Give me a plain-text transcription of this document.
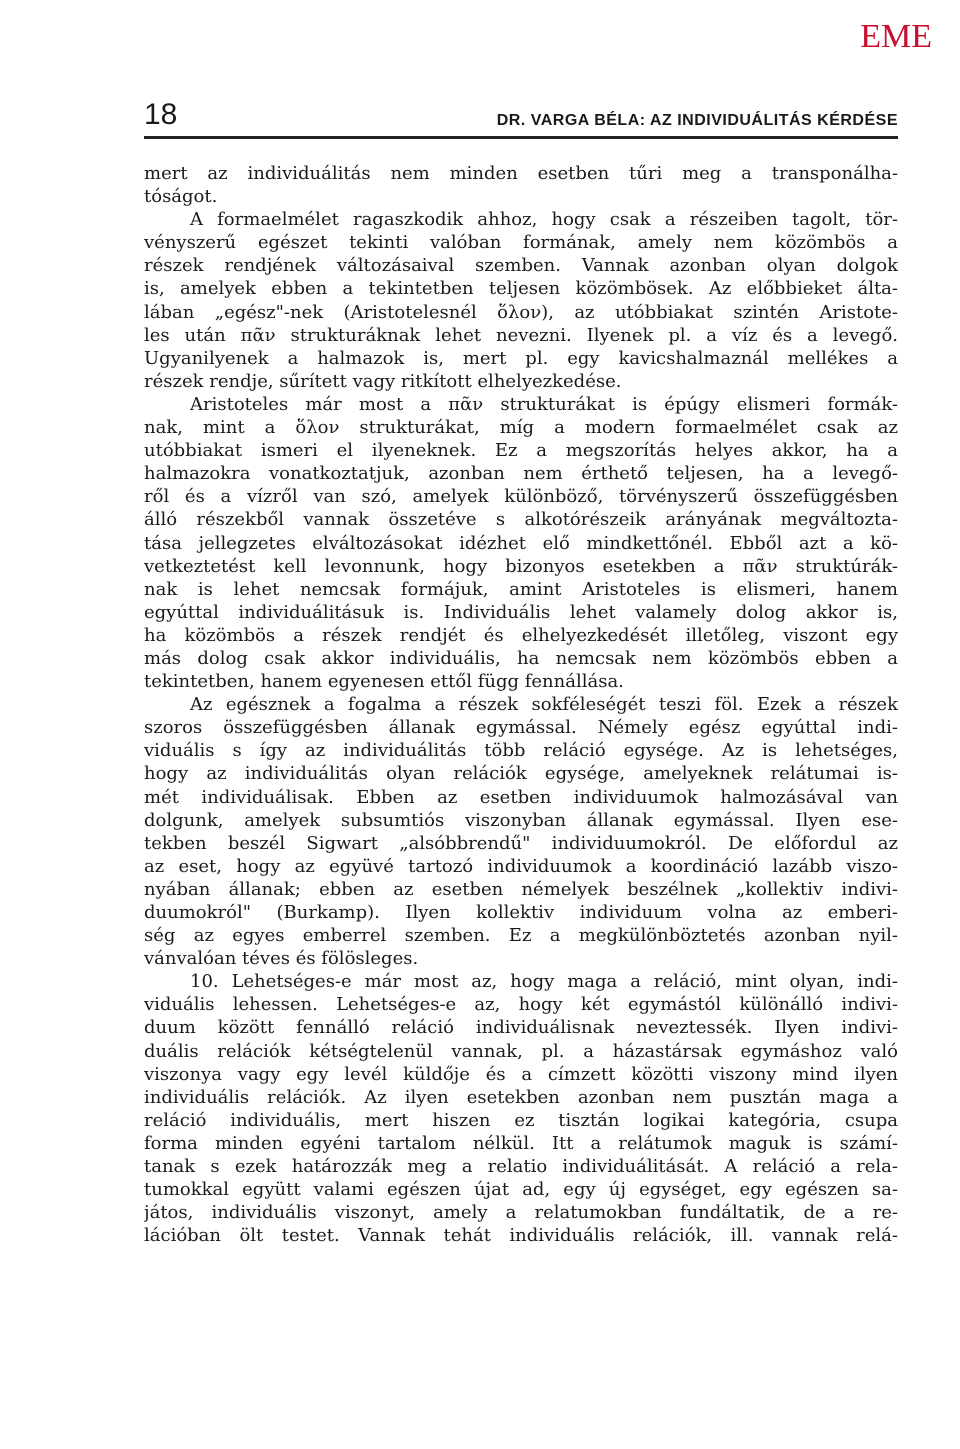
EME
18	DR. VARGA BÉLA: AZ INDIVIDUÁLITÁS KÉRDÉSE
mert az individuálitás nem minden esetben tűri meg a transponálha-
tóságot.
A formaelmélet ragaszkodik ahhoz, hogy csak a részeiben tagolt, tör-
vényszerű egészet tekinti valóban formának, amely nem közömbös a
részek rendjének változásaival szemben. Vannak azonban olyan dolgok
is, amelyek ebben a tekintetben teljesen közömbösek. Az előbbieket álta-
lában „egész"-nek (Aristotelesnél ὅλον), az utóbbiakat szintén Aristote-
les után πᾶν strukturáknak lehet nevezni. Ilyenek pl. a víz és a levegő.
Ugyanilyenek a halmazok is, mert pl. egy kavicshalmaznál mellékes a
részek rendje, sűrített vagy ritkított elhelyezkedése.
Aristoteles már most a πᾶν strukturákat is épúgy elismeri formák-
nak, mint a ὅλον strukturákat, míg a modern formaelmélet csak az
utóbbiakat ismeri el ilyeneknek. Ez a megszorítás helyes akkor, ha a
halmazokra vonatkoztatjuk, azonban nem érthető teljesen, ha a levegő-
ről és a vízről van szó, amelyek különböző, törvényszerű összefüggésben
álló részekből vannak összetéve s alkotórészeik arányának megváltozta-
tása jellegzetes elváltozásokat idézhet elő mindkettőnél. Ebből azt a kö-
vetkeztetést kell levonnunk, hogy bizonyos esetekben a πᾶν struktúrák-
nak is lehet nemcsak formájuk, amint Aristoteles is elismeri, hanem
egyúttal individuálitásuk is. Individuális lehet valamely dolog akkor is,
ha közömbös a részek rendjét és elhelyezkedését illetőleg, viszont egy
más dolog csak akkor individuális, ha nemcsak nem közömbös ebben a
tekintetben, hanem egyenesen ettől függ fennállása.
Az egésznek a fogalma a részek sokféleségét teszi föl. Ezek a részek
szoros összefüggésben állanak egymással. Némely egész egyúttal indi-
viduális s így az individuálitás több reláció egysége. Az is lehetséges,
hogy az individuálitás olyan relációk egysége, amelyeknek relátumai is-
mét individuálisak. Ebben az esetben individuumok halmozásával van
dolgunk, amelyek subsumtiós viszonyban állanak egymással. Ilyen ese-
tekben beszél Sigwart „alsóbbrendű" individuumokról. De előfordul az
az eset, hogy az együvé tartozó individuumok a koordináció lazább viszo-
nyában állanak; ebben az esetben némelyek beszélnek „kollektiv indivi-
duumokról" (Burkamp). Ilyen kollektiv individuum volna az emberi-
ség az egyes emberrel szemben. Ez a megkülönböztetés azonban nyil-
vánvalóan téves és fölösleges.
10. Lehetséges-e már most az, hogy maga a reláció, mint olyan, indi-
viduális lehessen. Lehetséges-e az, hogy két egymástól különálló indivi-
duum között fennálló reláció individuálisnak neveztessék. Ilyen indivi-
duális relációk kétségtelenül vannak, pl. a házastársak egymáshoz való
viszonya vagy egy levél küldője és a címzett közötti viszony mind ilyen
individuális relációk. Az ilyen esetekben azonban nem pusztán maga a
reláció individuális, mert hiszen ez tisztán logikai kategória, csupa
forma minden egyéni tartalom nélkül. Itt a relátumok maguk is számí-
tanak s ezek határozzák meg a relatio individuálitását. A reláció a rela-
tumokkal együtt valami egészen újat ad, egy új egységet, egy egészen sa-
játos, individuális viszonyt, amely a relatumokban fundáltatik, de a re-
lációban ölt testet. Vannak tehát individuális relációk, ill. vannak relá-
